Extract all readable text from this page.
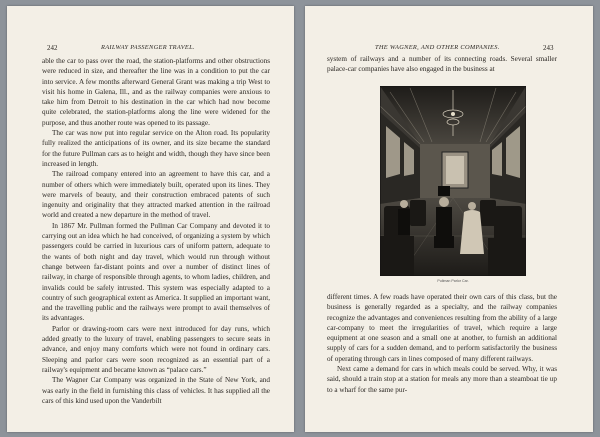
242	RAILWAY PASSENGER TRAVEL.

able the car to pass over the road, the station-platforms and other obstructions were reduced in size, and thereafter the line was in a condition to put the car into service. A few months afterward General Grant was making a trip West to visit his home in Galena, Ill., and as the railway companies were anxious to take him from Detroit to his destination in the car which had now become quite celebrated, the station-platforms along the line were widened for the purpose, and thus another route was opened to its passage.

The car was now put into regular service on the Alton road. Its popularity fully realized the anticipations of its owner, and its size became the standard for the future Pullman cars as to height and width, though they have since been increased in length.

The railroad company entered into an agreement to have this car, and a number of others which were immediately built, operated upon its lines. They were marvels of beauty, and their construction embraced patents of such ingenuity and originality that they attracted marked attention in the railroad world and created a new departure in the method of travel.

In 1867 Mr. Pullman formed the Pullman Car Company and devoted it to carrying out an idea which he had conceived, of organizing a system by which passengers could be carried in luxurious cars of uniform pattern, adequate to the wants of both night and day travel, which would run through without change between far-distant points and over a number of distinct lines of railway, in charge of responsible through agents, to whom ladies, children, and invalids could be safely intrusted. This system was especially adapted to a country of such geographical extent as America. It supplied an important want, and the travelling public and the railways were prompt to avail themselves of its advantages.

Parlor or drawing-room cars were next introduced for day runs, which added greatly to the luxury of travel, enabling passengers to secure seats in advance, and enjoy many comforts which were not found in ordinary cars. Sleeping and parlor cars were soon recognized as an essential part of a railway's equipment and became known as “palace cars.”

The Wagner Car Company was organized in the State of New York, and was early in the field in furnishing this class of vehicles. It has supplied all the cars of this kind used upon the Vanderbilt

THE WAGNER, AND OTHER COMPANIES.	243

system of railways and a number of its connecting roads. Several smaller palace-car companies have also engaged in the business at

Pullman Parlor Car.

different times. A few roads have operated their own cars of this class, but the business is generally regarded as a specialty, and the railway companies recognize the advantages and conveniences resulting from the ability of a large car-company to meet the irregularities of travel, which require a large equipment at one season and a small one at another, to furnish an additional supply of cars for a sudden demand, and to perform satisfactorily the business of operating through cars in lines composed of many different railways.

Next came a demand for cars in which meals could be served. Why, it was said, should a train stop at a station for meals any more than a steamboat tie up to a wharf for the same pur-
